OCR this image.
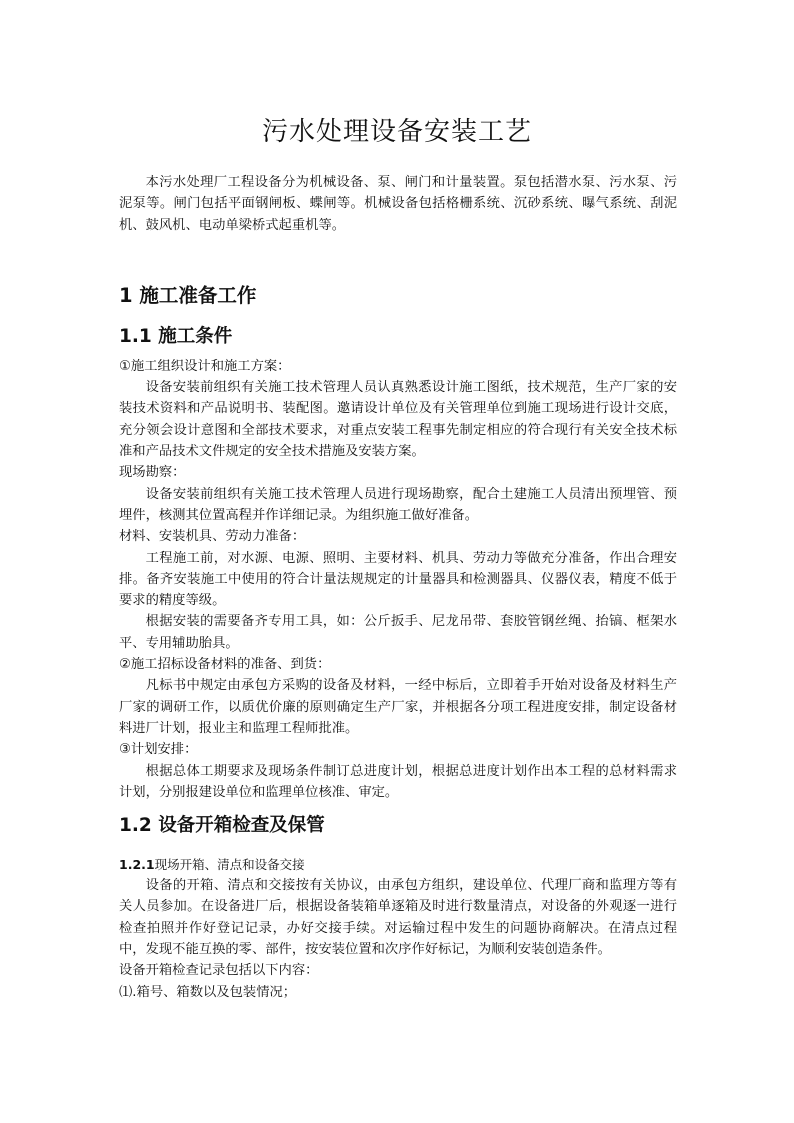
污水处理设备安装工艺

本污水处理厂工程设备分为机械设备、泵、闸门和计量装置。泵包括潜水泵、污水泵、污泥泵等。闸门包括平面钢闸板、蝶闸等。机械设备包括格栅系统、沉砂系统、曝气系统、刮泥机、鼓风机、电动单梁桥式起重机等。

1 施工准备工作
1.1 施工条件

①施工组织设计和施工方案：

设备安装前组织有关施工技术管理人员认真熟悉设计施工图纸，技术规范，生产厂家的安装技术资料和产品说明书、装配图。邀请设计单位及有关管理单位到施工现场进行设计交底，充分领会设计意图和全部技术要求，对重点安装工程事先制定相应的符合现行有关安全技术标准和产品技术文件规定的安全技术措施及安装方案。

现场勘察：

设备安装前组织有关施工技术管理人员进行现场勘察，配合土建施工人员清出预埋管、预埋件，核测其位置高程并作详细记录。为组织施工做好准备。

材料、安装机具、劳动力准备：

工程施工前，对水源、电源、照明、主要材料、机具、劳动力等做充分准备，作出合理安排。备齐安装施工中使用的符合计量法规规定的计量器具和检测器具、仪器仪表，精度不低于要求的精度等级。

根据安装的需要备齐专用工具，如：公斤扳手、尼龙吊带、套胶管钢丝绳、抬镐、框架水平、专用辅助胎具。

②施工招标设备材料的准备、到货：

凡标书中规定由承包方采购的设备及材料，一经中标后，立即着手开始对设备及材料生产厂家的调研工作，以质优价廉的原则确定生产厂家，并根据各分项工程进度安排，制定设备材料进厂计划，报业主和监理工程师批准。

③计划安排：

根据总体工期要求及现场条件制订总进度计划，根据总进度计划作出本工程的总材料需求计划，分别报建设单位和监理单位核准、审定。

1.2 设备开箱检查及保管
1.2.1现场开箱、清点和设备交接

设备的开箱、清点和交接按有关协议，由承包方组织，建设单位、代理厂商和监理方等有关人员参加。在设备进厂后，根据设备装箱单逐箱及时进行数量清点，对设备的外观逐一进行检查拍照并作好登记记录，办好交接手续。对运输过程中发生的问题协商解决。在清点过程中，发现不能互换的零、部件，按安装位置和次序作好标记，为顺利安装创造条件。

设备开箱检查记录包括以下内容：

⑴.箱号、箱数以及包装情况；
